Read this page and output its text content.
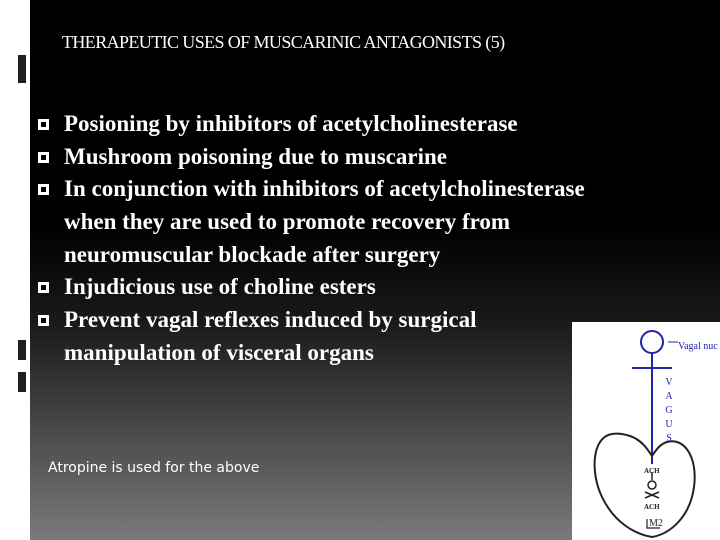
THERAPEUTIC USES OF MUSCARINIC ANTAGONISTS (5)
Posioning by inhibitors of acetylcholinesterase
Mushroom poisoning due to muscarine
In conjunction with inhibitors of acetylcholinesterase when they are used to promote recovery from neuromuscular blockade after surgery
Injudicious use of choline esters
Prevent vagal reflexes induced by surgical manipulation of visceral organs
Atropine is used for the above
Vagal nuc
V
A
G
U
S
ACH
ACH
M2
